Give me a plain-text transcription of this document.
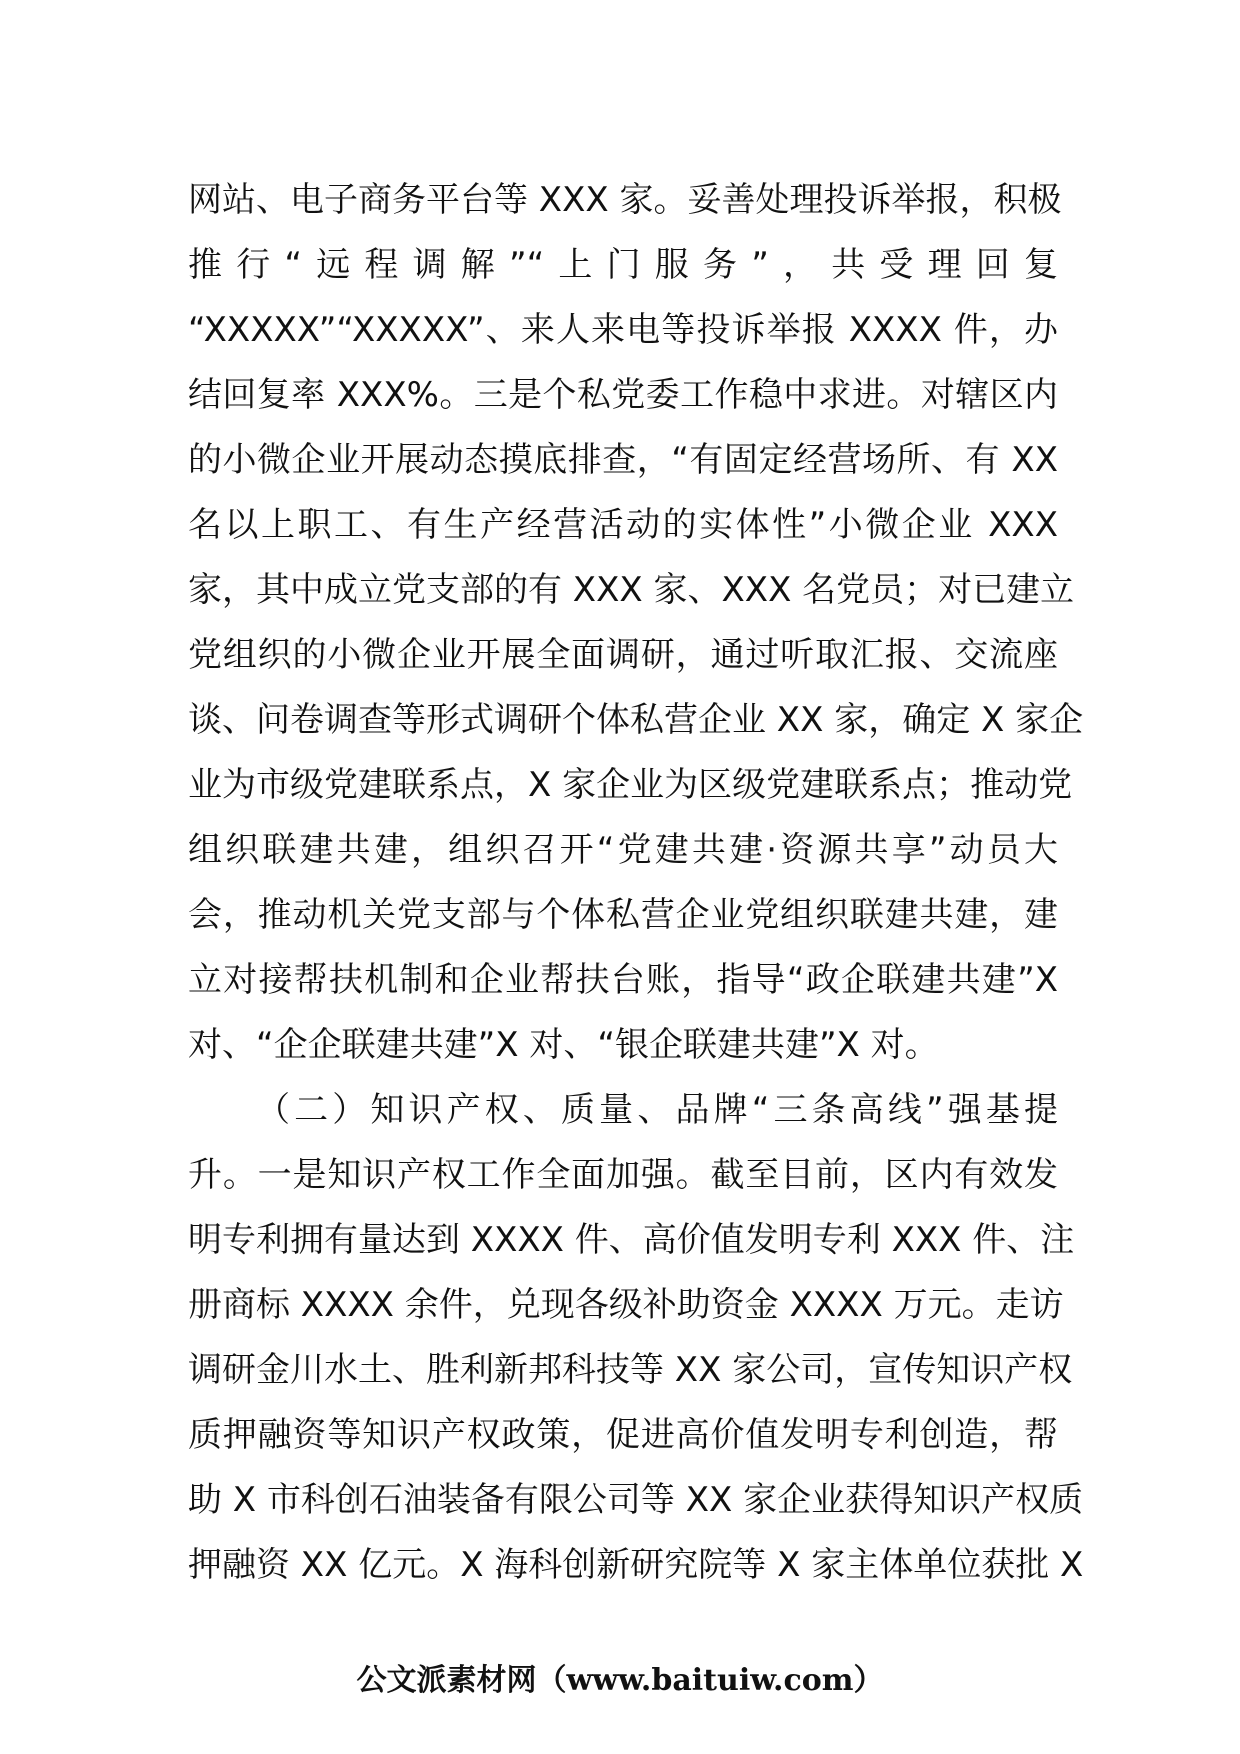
网站、电子商务平台等 XXX 家。妥善处理投诉举报，积极
推行“远程调解”“上门服务”，共受理回复
“XXXXX”“XXXXX”、来人来电等投诉举报 XXXX 件，办
结回复率 XXX%。三是个私党委工作稳中求进。对辖区内
的小微企业开展动态摸底排查，“有固定经营场所、有 XX
名以上职工、有生产经营活动的实体性”小微企业 XXX
家，其中成立党支部的有 XXX 家、XXX 名党员；对已建立
党组织的小微企业开展全面调研，通过听取汇报、交流座
谈、问卷调查等形式调研个体私营企业 XX 家，确定 X 家企
业为市级党建联系点，X 家企业为区级党建联系点；推动党
组织联建共建，组织召开“党建共建·资源共享”动员大
会，推动机关党支部与个体私营企业党组织联建共建，建
立对接帮扶机制和企业帮扶台账，指导“政企联建共建”X
对、“企企联建共建”X 对、“银企联建共建”X 对。
（二）知识产权、质量、品牌“三条高线”强基提
升。一是知识产权工作全面加强。截至目前，区内有效发
明专利拥有量达到 XXXX 件、高价值发明专利 XXX 件、注
册商标 XXXX 余件，兑现各级补助资金 XXXX 万元。走访
调研金川水土、胜利新邦科技等 XX 家公司，宣传知识产权
质押融资等知识产权政策，促进高价值发明专利创造，帮
助 X 市科创石油装备有限公司等 XX 家企业获得知识产权质
押融资 XX 亿元。X 海科创新研究院等 X 家主体单位获批 X
公文派素材网（www.baituiw.com）
